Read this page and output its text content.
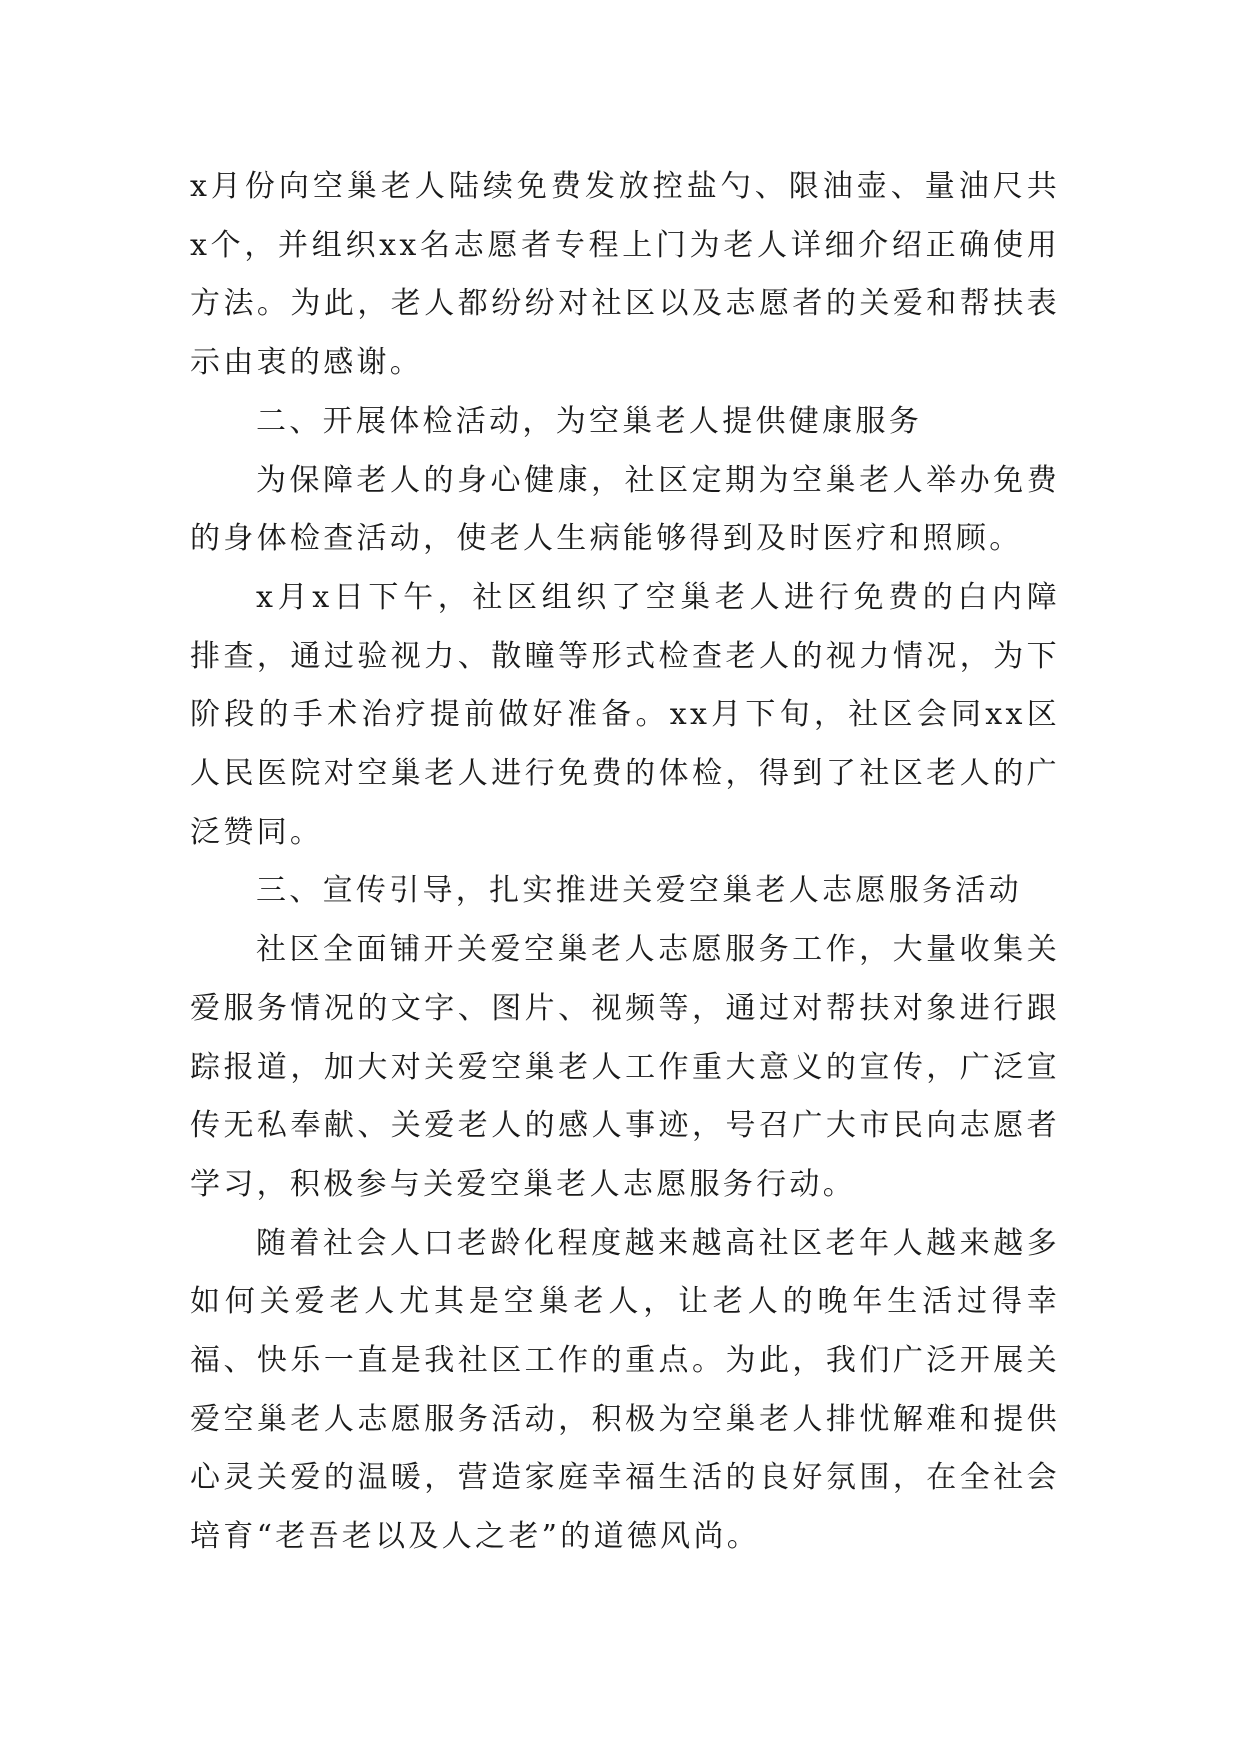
x月份向空巢老人陆续免费发放控盐勺、限油壶、量油尺共x个，并组织xx名志愿者专程上门为老人详细介绍正确使用方法。为此，老人都纷纷对社区以及志愿者的关爱和帮扶表示由衷的感谢。

二、开展体检活动，为空巢老人提供健康服务

为保障老人的身心健康，社区定期为空巢老人举办免费的身体检查活动，使老人生病能够得到及时医疗和照顾。

x月x日下午，社区组织了空巢老人进行免费的白内障排查，通过验视力、散瞳等形式检查老人的视力情况，为下阶段的手术治疗提前做好准备。xx月下旬，社区会同xx区人民医院对空巢老人进行免费的体检，得到了社区老人的广泛赞同。

三、宣传引导，扎实推进关爱空巢老人志愿服务活动

社区全面铺开关爱空巢老人志愿服务工作，大量收集关爱服务情况的文字、图片、视频等，通过对帮扶对象进行跟踪报道，加大对关爱空巢老人工作重大意义的宣传，广泛宣传无私奉献、关爱老人的感人事迹，号召广大市民向志愿者学习，积极参与关爱空巢老人志愿服务行动。

随着社会人口老龄化程度越来越高社区老年人越来越多如何关爱老人尤其是空巢老人，让老人的晚年生活过得幸福、快乐一直是我社区工作的重点。为此，我们广泛开展关爱空巢老人志愿服务活动，积极为空巢老人排忧解难和提供心灵关爱的温暖，营造家庭幸福生活的良好氛围，在全社会培育“老吾老以及人之老”的道德风尚。
